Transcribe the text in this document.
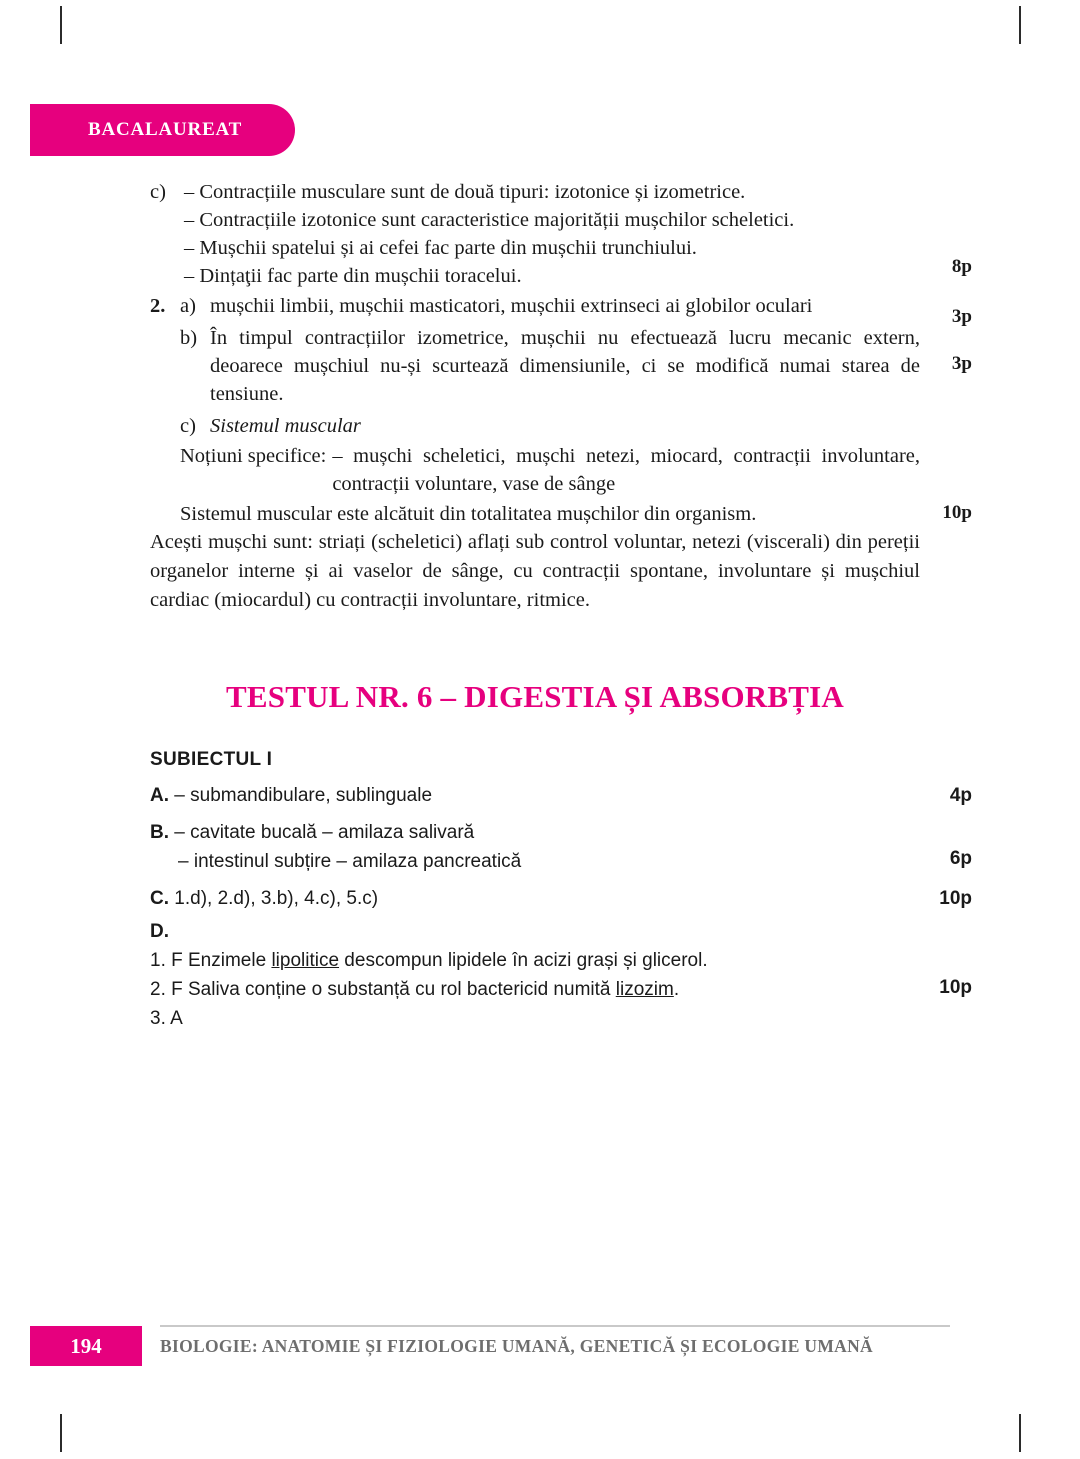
BACALAUREAT
8p
c) – Contracțiile musculare sunt de două tipuri: izotonice și izometrice.
– Contracțiile izotonice sunt caracteristice majorității mușchilor scheletici.
– Mușchii spatelui și ai cefei fac parte din mușchii trunchiului.
– Dințaţii fac parte din mușchii toracelui.
3p
2. a) mușchii limbii, mușchii masticatori, mușchii extrinseci ai globilor oculari
3p

b) În timpul contracțiilor izometrice, mușchii nu efectuează lucru mecanic extern, deoarece mușchiul nu-și scurtează dimensiunile, ci se modifică numai starea de tensiune.

c) Sistemul muscular
Noțiuni specifice: – mușchi scheletici, mușchi netezi, miocard, contracții involuntare, contracții voluntare, vase de sânge
10p
Sistemul muscular este alcătuit din totalitatea mușchilor din organism.
Acești mușchi sunt: striați (scheletici) aflați sub control voluntar, netezi (viscerali) din pereții organelor interne și ai vaselor de sânge, cu contracții spontane, involuntare și mușchiul cardiac (miocardul) cu contracții involuntare, ritmice.
TESTUL NR. 6 – DIGESTIA ȘI ABSORBȚIA
SUBIECTUL I
4p
A. – submandibulare, sublinguale
6p
B. – cavitate bucală – amilaza salivară
– intestinul subțire – amilaza pancreatică
10p
C. 1.d), 2.d), 3.b), 4.c), 5.c)
10p
D.
1. F Enzimele lipolitice descompun lipidele în acizi grași și glicerol.
2. F Saliva conține o substanță cu rol bactericid numită lizozim.
3. A
194	BIOLOGIE: ANATOMIE ȘI FIZIOLOGIE UMANĂ, GENETICĂ ȘI ECOLOGIE UMANĂ
